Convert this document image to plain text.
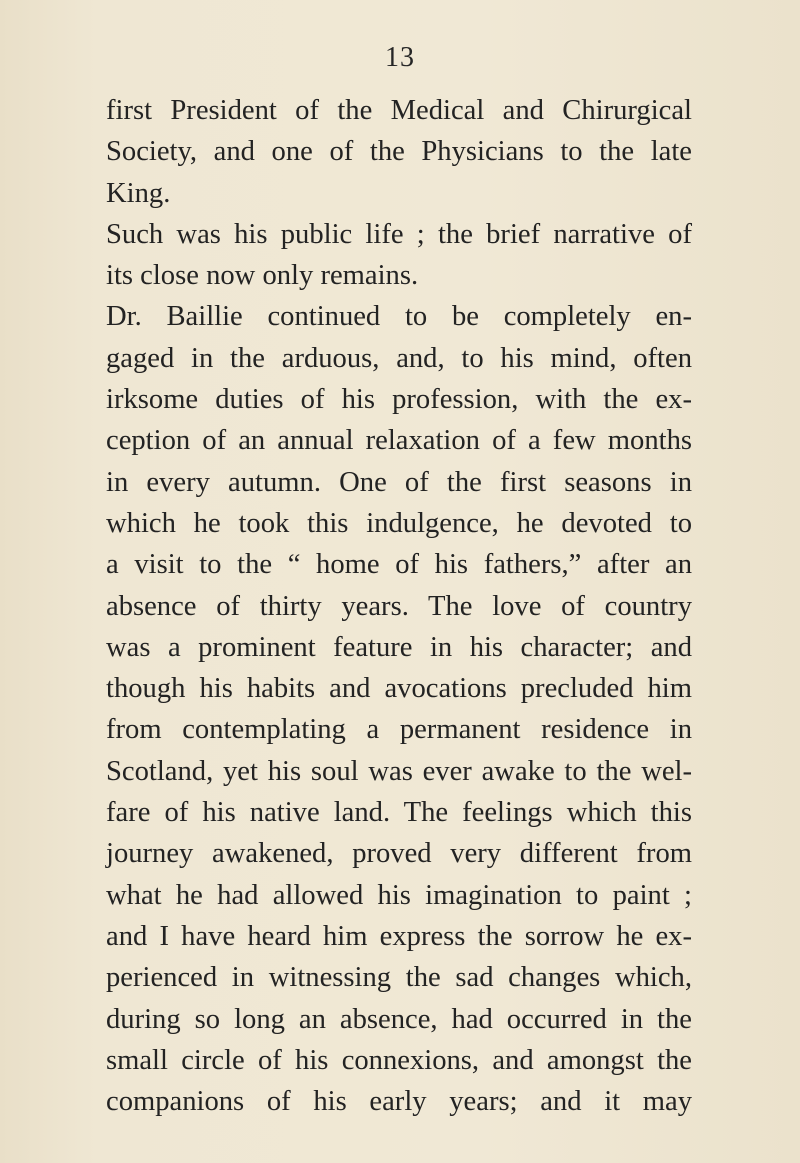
13
first President of the Medical and Chirurgical
Society, and one of the Physicians to the late
King.
Such was his public life ; the brief narrative of
its close now only remains.
Dr. Baillie continued to be completely en-
gaged in the arduous, and, to his mind, often
irksome duties of his profession, with the ex-
ception of an annual relaxation of a few months
in every autumn. One of the first seasons in
which he took this indulgence, he devoted to
a visit to the “ home of his fathers,” after an
absence of thirty years. The love of country
was a prominent feature in his character; and
though his habits and avocations precluded him
from contemplating a permanent residence in
Scotland, yet his soul was ever awake to the wel-
fare of his native land. The feelings which this
journey awakened, proved very different from
what he had allowed his imagination to paint ;
and I have heard him express the sorrow he ex-
perienced in witnessing the sad changes which,
during so long an absence, had occurred in the
small circle of his connexions, and amongst the
companions of his early years; and it may
